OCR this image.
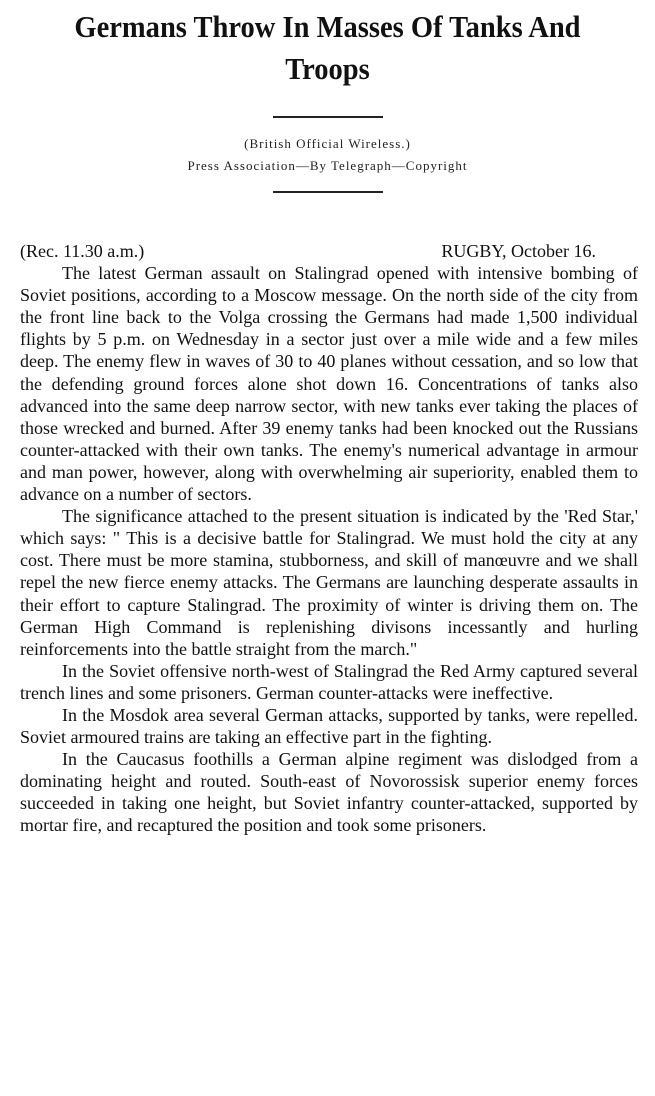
Germans Throw In Masses Of Tanks And Troops
(British Official Wireless.)
Press Association—By Telegraph—Copyright
(Rec. 11.30 a.m.)	RUGBY, October 16.

The latest German assault on Stalingrad opened with intensive bombing of Soviet positions, according to a Moscow message. On the north side of the city from the front line back to the Volga crossing the Germans had made 1,500 individual flights by 5 p.m. on Wednesday in a sector just over a mile wide and a few miles deep. The enemy flew in waves of 30 to 40 planes without cessation, and so low that the defending ground forces alone shot down 16. Concentrations of tanks also advanced into the same deep narrow sector, with new tanks ever taking the places of those wrecked and burned. After 39 enemy tanks had been knocked out the Russians counter-attacked with their own tanks. The enemy's numerical advantage in armour and man power, however, along with overwhelming air superiority, enabled them to advance on a number of sectors.

The significance attached to the present situation is indicated by the 'Red Star,' which says: " This is a decisive battle for Stalingrad. We must hold the city at any cost. There must be more stamina, stubborness, and skill of manœuvre and we shall repel the new fierce enemy attacks. The Germans are launching desperate assaults in their effort to capture Stalingrad. The proximity of winter is driving them on. The German High Command is replenishing divisons incessantly and hurling reinforcements into the battle straight from the march."

In the Soviet offensive north-west of Stalingrad the Red Army captured several trench lines and some prisoners. German counter-attacks were ineffective.

In the Mosdok area several German attacks, supported by tanks, were repelled. Soviet armoured trains are taking an effective part in the fighting.

In the Caucasus foothills a German alpine regiment was dislodged from a dominating height and routed. South-east of Novorossisk superior enemy forces succeeded in taking one height, but Soviet infantry counter-attacked, supported by mortar fire, and recaptured the position and took some prisoners.
